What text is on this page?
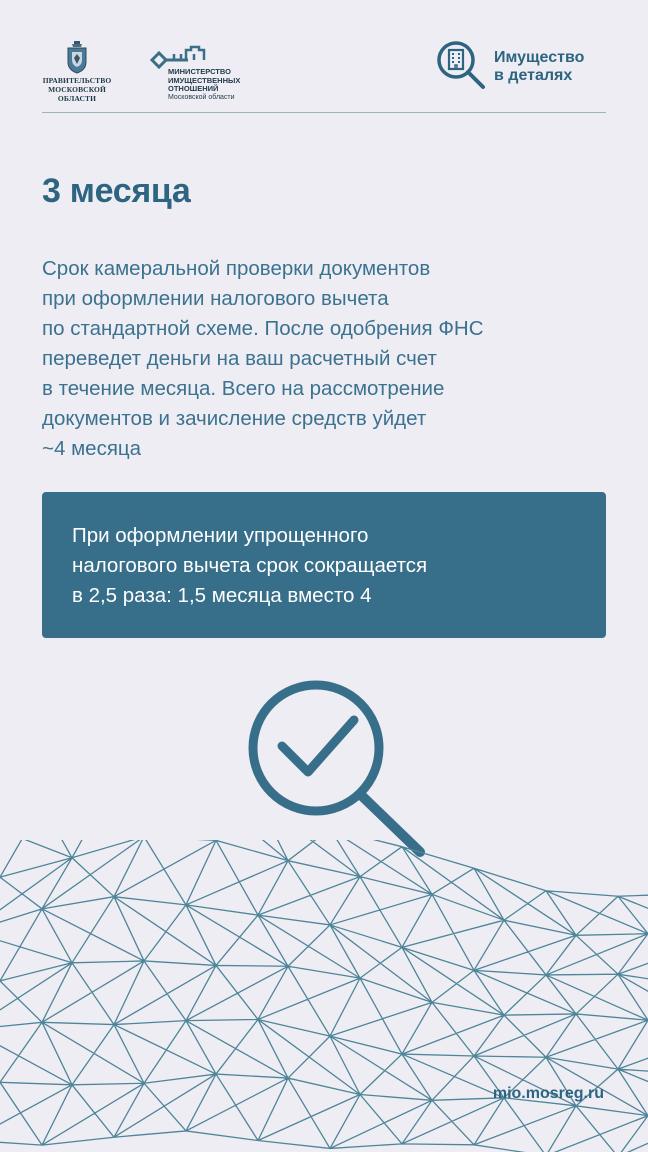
ПРАВИТЕЛЬСТВО
МОСКОВСКОЙ
ОБЛАСТИ
МИНИСТЕРСТВО
ИМУЩЕСТВЕННЫХ
ОТНОШЕНИЙ
Московской области
Имущество
в деталях
3 месяца

Срок камеральной проверки документов
при оформлении налогового вычета
по стандартной схеме. После одобрения ФНС
переведет деньги на ваш расчетный счет
в течение месяца. Всего на рассмотрение
документов и зачисление средств уйдет
~4 месяца

При оформлении упрощенного
налогового вычета срок сокращается
в 2,5 раза: 1,5 месяца вместо 4

mio.mosreg.ru
